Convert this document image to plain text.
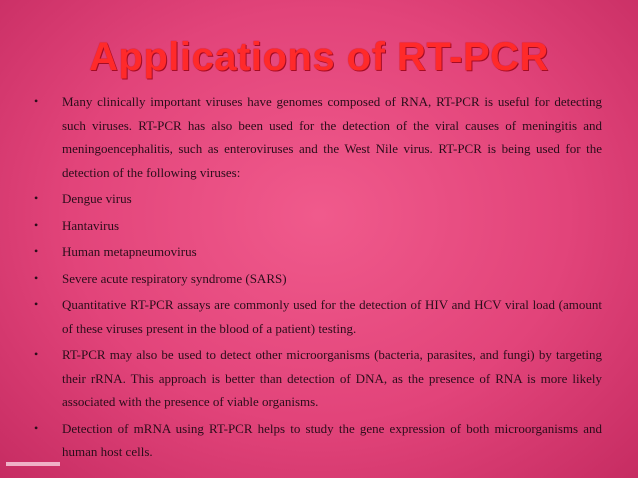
Applications of RT-PCR
• Many clinically important viruses have genomes composed of RNA, RT-PCR is useful for detecting such viruses. RT-PCR has also been used for the detection of the viral causes of meningitis and meningoencephalitis, such as enteroviruses and the West Nile virus. RT-PCR is being used for the detection of the following viruses:
• Dengue virus
• Hantavirus
• Human metapneumovirus
• Severe acute respiratory syndrome (SARS)
• Quantitative RT-PCR assays are commonly used for the detection of HIV and HCV viral load (amount of these viruses present in the blood of a patient) testing.
• RT-PCR may also be used to detect other microorganisms (bacteria, parasites, and fungi) by targeting their rRNA. This approach is better than detection of DNA, as the presence of RNA is more likely associated with the presence of viable organisms.
• Detection of mRNA using RT-PCR helps to study the gene expression of both microorganisms and human host cells.
